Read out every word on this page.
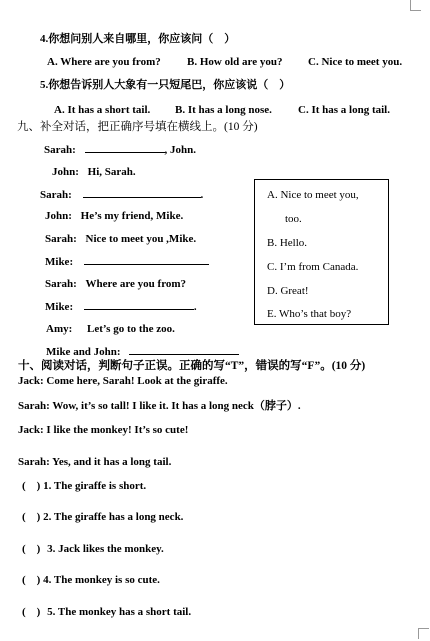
4.你想问别人来自哪里，你应该问（　）
A. Where are you from? B. How old are you? C. Nice to meet you.
5.你想告诉别人大象有一只短尾巴，你应该说（　）
A. It has a short tail. B. It has a long nose. C. It has a long tail.
九、补全对话，把正确序号填在横线上。(10 分)
Sarah:	, John.
John: Hi, Sarah.
Sarah:	.
John: He’s my friend, Mike.
Sarah: Nice to meet you ,Mike.
Mike:
Sarah: Where are you from?
Mike:	.
Amy: Let’s go to the zoo.
Mike and John:
A. Nice to meet you,
too.
B. Hello.
C. I’m from Canada.
D. Great!
E. Who’s that boy?
十、阅读对话，判断句子正误。正确的写“T”，错误的写“F”。(10 分)
Jack: Come here, Sarah! Look at the giraffe.
Sarah: Wow, it’s so tall! I like it. It has a long neck（脖子）.
Jack: I like the monkey! It’s so cute!
Sarah: Yes, and it has a long tail.
(　) 1. The giraffe is short.
(　) 2. The giraffe has a long neck.
(　) 3. Jack likes the monkey.
(　) 4. The monkey is so cute.
(　) 5. The monkey has a short tail.
